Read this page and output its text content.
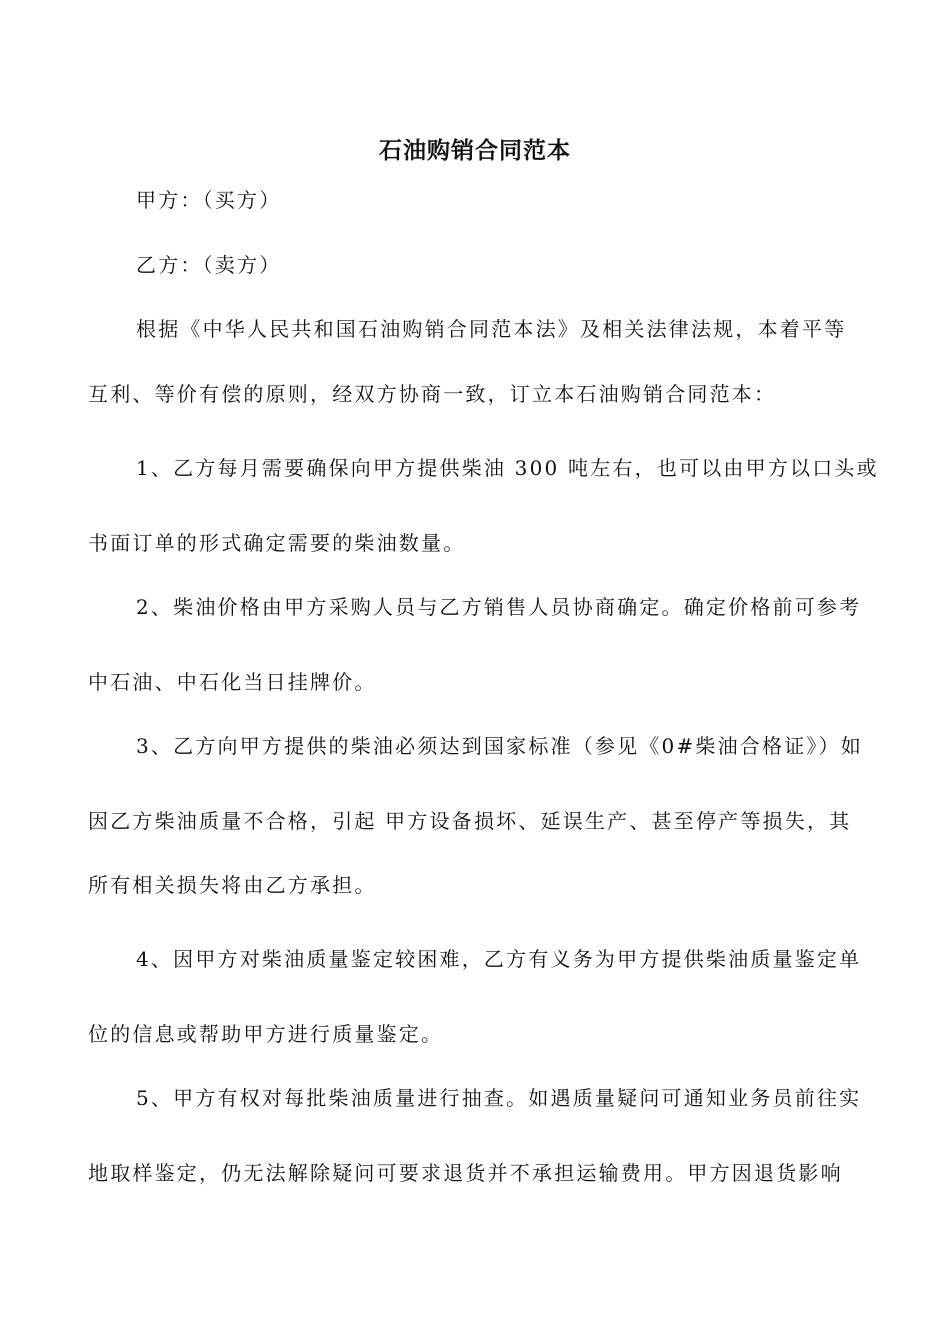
石油购销合同范本
甲方：（买方）
乙方：（卖方）
根据《中华人民共和国石油购销合同范本法》及相关法律法规，本着平等
互利、等价有偿的原则，经双方协商一致，订立本石油购销合同范本：
1、乙方每月需要确保向甲方提供柴油 300 吨左右，也可以由甲方以口头或
书面订单的形式确定需要的柴油数量。
2、柴油价格由甲方采购人员与乙方销售人员协商确定。确定价格前可参考
中石油、中石化当日挂牌价。
3、乙方向甲方提供的柴油必须达到国家标准（参见《0#柴油合格证》）如
因乙方柴油质量不合格，引起 甲方设备损坏、延误生产、甚至停产等损失，其
所有相关损失将由乙方承担。
4、因甲方对柴油质量鉴定较困难，乙方有义务为甲方提供柴油质量鉴定单
位的信息或帮助甲方进行质量鉴定。
5、甲方有权对每批柴油质量进行抽查。如遇质量疑问可通知业务员前往实
地取样鉴定，仍无法解除疑问可要求退货并不承担运输费用。甲方因退货影响
